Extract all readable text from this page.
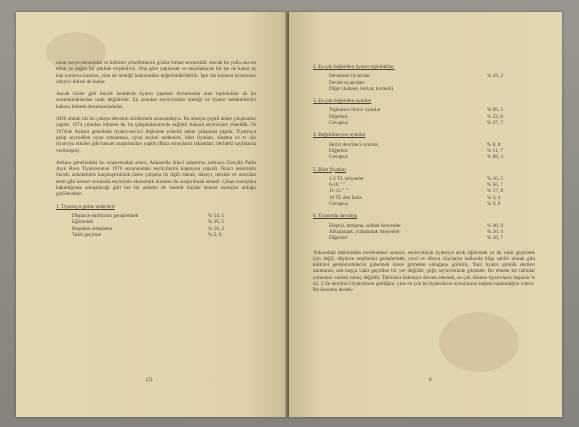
onun sosyo-ekonomik ve kültürel yönelimlerini gözler önüne sermesidir. Ancak bu yolla ona en etkin ve doğru bir şekilde erişebiliriz. Ona göre yapılacak ve tasarlanacak bir işe ne kadar az kişi katılırsa katılsın, yine de niteliği bakımından değerlendirilebilir. İşte söz konusu tiyatronun izleyici kitlesi de budur.

Ancak bizler gibi büyük kentlerde tiyatro yapmak durumunda olan topluluklar da bu sorumluluklardan uzak değildirler. En azından seyircimizin niteliği ve tiyatro beklentilerini kabaca bilmek durumundadırlar.

ADS olarak biz bu çabaya devamlı sürdürmek arzusundayız. Bu amaçla çeşitli anket çalışmaları yaptık. 1974 yılından itibaren de, bu çalışmalarımızda sağlıklı Ankara seyircisine yöneldik. Ve 1974'de Ankara genelinde tiyatro-seyirci ilişkisine yönelik anket çalışması yaptık; Tiyatroya gelip seyredilen oyun ortalaması, oyun seçimi nedenleri, bilet fiyatları, sinema ve tv nin tiyatroya etkileri gibi benzer araştırmaları yaptık (Bazı sonuçların rakamları; ilerideki sayfalarda verilmiştir).

Ankara genelindeki bu araştırmadan sonra, Ankara'da ikinci araştırma yalnızca Gençlik Parkı Açık Hava Tiyatrosunun 1976 sezonundaki seyircilerini kapsayan yapıldı. İkinci anketimiz önceki anketimizle karşılaştırılmak üzere çalışma ile ilgili olarak, düzeyi, meslek ve oturulan semt gibi benzer sorularla seyircinin ekonomik durumu da araştırılmak istendi. Çıkan sonuçlara bakıldığında anlaşılacağı gibi her iki anketin de önemli ölçüde benzer sonuçlar olduğu görülecektir.

1. Tiyatroya gitme nedenleri
Düşünce emirlarını genişletmek	% 54, 5
Eğlenmek	% 30, 5
Boşalma rahatlama	% 10, 2
Vakit geçirme	% 5, 0
(5)
2. En çok beğenilen tiyatro topluluklar:
Devemsel tiyatrolar	% 43, 2
Devlet tiyatroları
Diğer (kabare, bulvar, komedi)
3. En çok beğenilen oyunlar
Toplumcu ilerici oyunlar	% 89, 2
Diğerleri	% 23, 0
Cevapsız	% 37, 7
4. Beğenilmeyen oyunlar
İlerici devrimci oyunlar	% 0, 0
Diğerleri	% 11, 7
Cevapsız	% 88, 3
5. Bilet fiyatları
1-5 TL istiyenler	% 10, 5
6-10 " "	% 56, 7
11-15 " "	% 17, 8
16 TL den fazla	% 3, 4
Cevapsız	% 9, 6
6. Tiyatroda davranış
Eleştiri, tartışma, sohbet isteyenler	% 46, 9
Alkışlamak, yuhalamak isteyenler	% 26, 4
Diğerleri	% 26, 7

Yukarıdaki tablolardan incelenmesi sonucu, seyircimizin tiyatroya artık eğlenmek ya da vakit geçirmek için değil, düşünce emirlerini genişletmek, yurd ve dünya olaylarını halkında bilgi sahibi olmak gibi kültürel gereksinimlerini gidermek üzere gitmekte olduğunu görürüz. Yani tiyatro günlük dertleri unutturan, salt boşça vakit geçirilen bir yer değildir, çoğu seyircimizde gözünde. Bu elbette bir tablolar yolundan varılan sonuç değildir. Tablolara bakmaya devam edersek, en çok izlenen tiyatroların başında % 42, 2 ile devrimci tiyatroların geldiğini, yine en çok bu tiyatroların oyunlarının beğeni toplandığını izleriz. Bu konumu destek-

6
